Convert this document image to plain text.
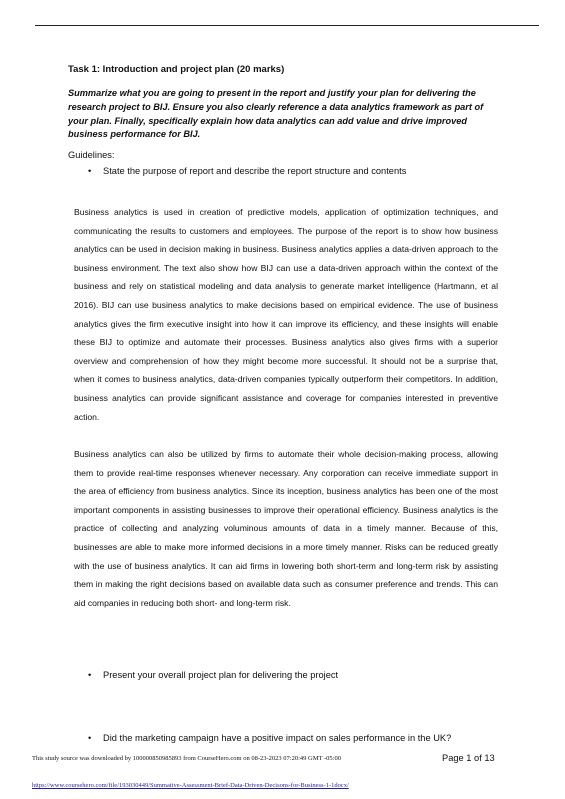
Task 1: Introduction and project plan (20 marks)
Summarize what you are going to present in the report and justify your plan for delivering the research project to BIJ. Ensure you also clearly reference a data analytics framework as part of your plan. Finally, specifically explain how data analytics can add value and drive improved business performance for BIJ.
Guidelines:
•	State the purpose of report and describe the report structure and contents

Business analytics is used in creation of predictive models, application of optimization techniques, and communicating the results to customers and employees. The purpose of the report is to show how business analytics can be used in decision making in business. Business analytics applies a data-driven approach to the business environment. The text also show how BIJ can use a data-driven approach within the context of the business and rely on statistical modeling and data analysis to generate market intelligence (Hartmann, et al 2016). BIJ can use business analytics to make decisions based on empirical evidence. The use of business analytics gives the firm executive insight into how it can improve its efficiency, and these insights will enable these BIJ to optimize and automate their processes. Business analytics also gives firms with a superior overview and comprehension of how they might become more successful. It should not be a surprise that, when it comes to business analytics, data-driven companies typically outperform their competitors. In addition, business analytics can provide significant assistance and coverage for companies interested in preventive action.

Business analytics can also be utilized by firms to automate their whole decision-making process, allowing them to provide real-time responses whenever necessary. Any corporation can receive immediate support in the area of efficiency from business analytics. Since its inception, business analytics has been one of the most important components in assisting businesses to improve their operational efficiency. Business analytics is the practice of collecting and analyzing voluminous amounts of data in a timely manner. Because of this, businesses are able to make more informed decisions in a more timely manner. Risks can be reduced greatly with the use of business analytics. It can aid firms in lowering both short-term and long-term risk by assisting them in making the right decisions based on available data such as consumer preference and trends. This can aid companies in reducing both short- and long-term risk.

•	Present your overall project plan for delivering the project
•	Did the marketing campaign have a positive impact on sales performance in the UK?
This study source was downloaded by 100000850985893 from CourseHero.com on 08-23-2023 07:20:49 GMT -05:00	Page 1 of 13
https://www.coursehero.com/file/193030449/Summative-Assessment-Brief-Data-Driven-Decisons-for-Business-1-1docx/
